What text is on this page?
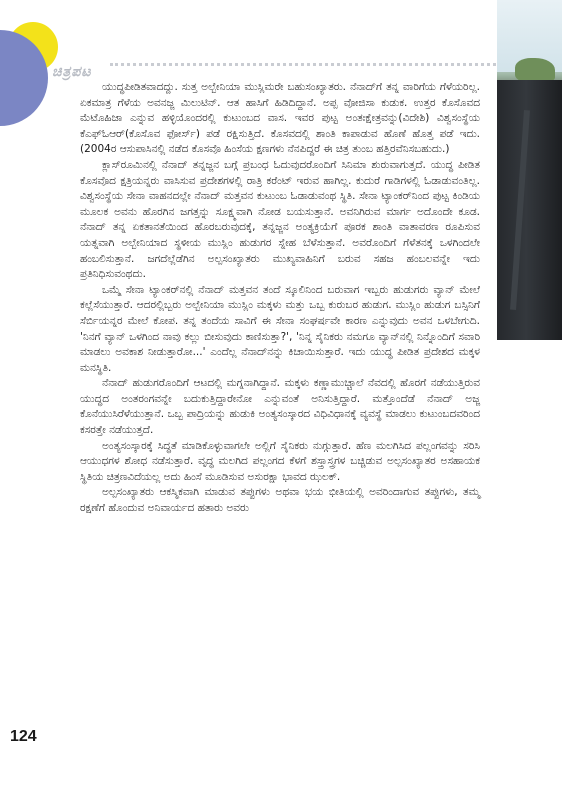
ಚಿತ್ರಪಟ

ಯುದ್ಧಪೀಡಿತವಾದದ್ದು. ಸುತ್ತ ಅಲ್ಬೇನಿಯಾ ಮುಸ್ಲಿಮರೇ ಬಹುಸಂಖ್ಯಾತರು. ನೆನಾದ್‌ಗೆ ತನ್ನ ವಾರಿಗೆಯ ಗೆಳೆಯರಿಲ್ಲ. ಏಕಮಾತ್ರ ಗೆಳೆಯ ಅವನಜ್ಜ ಮಿಲುಟಿನ್. ಆತ ಹಾಸಿಗೆ ಹಿಡಿದಿದ್ದಾನೆ. ಅಪ್ಪ ವೋಜಿಸಾ ಕುಡುಕ. ಉತ್ತರ ಕೊಸೊವದ ಮೆಟೊಹಿಜಾ ಎನ್ನುವ ಹಳ್ಳಿಯೊಂದರಲ್ಲಿ ಕುಟುಂಬದ ವಾಸ. ಇವರ ಪುಟ್ಟ ಅಂತಃಕ್ಷೇತ್ರವನ್ನು(ವಿದೇಶಿ) ವಿಶ್ವಸಂಸ್ಥೆಯ ಕೆಎಫ್‌ಓಆರ್(ಕೊಸೊವ ಫೋರ್ಸ್) ಪಡೆ ರಕ್ಷಿಸುತ್ತಿದೆ. ಕೊಸವದಲ್ಲಿ ಶಾಂತಿ ಕಾಪಾಡುವ ಹೊಣೆ ಹೊತ್ತ ಪಡೆ ಇದು. (2004ರ ಆಸುಪಾಸಿನಲ್ಲಿ ನಡೆದ ಕೊಸವೊ ಹಿಂಸೆಯ ಕ್ಷಣಗಳು ನೆನಪಿದ್ದರೆ ಈ ಚಿತ್ರ ತುಂಬ ಹತ್ತಿರವೆನಿಸಬಹುದು.)

ಕ್ಲಾಸ್‌ರೂಮಿನಲ್ಲಿ ನೆನಾದ್ ತನ್ನಜ್ಜನ ಬಗ್ಗೆ ಪ್ರಬಂಧ ಓದುವುದರೊಂದಿಗೆ ಸಿನಿಮಾ ಶುರುವಾಗುತ್ತದೆ. ಯುದ್ಧ ಪೀಡಿತ ಕೊಸವೊದ ಕ್ಷತ್ರಿಯನ್ನರು ವಾಸಿಸುವ ಪ್ರದೇಶಗಳಲ್ಲಿ ರಾತ್ರಿ ಕರೆಂಟ್ ಇರುವ ಹಾಗಿಲ್ಲ. ಕುದುರೆ ಗಾಡಿಗಳಲ್ಲಿ ಓಡಾಡುವಂತಿಲ್ಲ. ವಿಶ್ವಸಂಸ್ಥೆಯ ಸೇನಾ ವಾಹನದಲ್ಲೇ ನೆನಾದ್ ಮತ್ತವನ ಕುಟುಂಬ ಓಡಾಡುವಂಥ ಸ್ಥಿತಿ. ಸೇನಾ ಟ್ಯಾಂಕರ್‌ನಿಂದ ಪುಟ್ಟ ಕಿಂಡಿಯ ಮೂಲಕ ಅವನು ಹೊರಗಿನ ಜಗತ್ತನ್ನು ಸೂಕ್ಷ್ಮವಾಗಿ ನೋಡ ಬಯಸುತ್ತಾನೆ. ಅವನಿಗಿರುವ ಮಾರ್ಗ ಅದೊಂದೇ ಕೂಡ. ನೆನಾದ್ ತನ್ನ ಏಕತಾನತೆಯಿಂದ ಹೊರಬರುವುದಕ್ಕೆ, ತನ್ನಜ್ಜನ ಅಂತ್ಯಕ್ರಿಯೆಗೆ ಪೂರಕ ಶಾಂತಿ ವಾತಾವರಣ ರೂಪಿಸುವ ಯತ್ನವಾಗಿ ಅಲ್ಬೇನಿಯಾದ ಸ್ಥಳೀಯ ಮುಸ್ಲಿಂ ಹುಡುಗರ ಸ್ನೇಹ ಬೆಳೆಸುತ್ತಾನೆ. ಅವರೊಂದಿಗೆ ಗೆಳೆತನಕ್ಕೆ ಒಳಗಿಂದಲೇ ಹಂಬಲಿಸುತ್ತಾನೆ. ಜಗದೆಲ್ಲೆಡೆಗಿನ ಅಲ್ಪಸಂಖ್ಯಾತರು ಮುಖ್ಯವಾಹಿನಿಗೆ ಬರುವ ಸಹಜ ಹಂಬಲವನ್ನೇ ಇದು ಪ್ರತಿನಿಧಿಸುವಂಥದು.

ಒಮ್ಮೆ ಸೇನಾ ಟ್ಯಾಂಕರ್‌ನಲ್ಲಿ ನೆನಾದ್ ಮತ್ತವನ ತಂದೆ ಸ್ಕೂಲಿನಿಂದ ಬರುವಾಗ ಇಬ್ಬರು ಹುಡುಗರು ವ್ಯಾನ್ ಮೇಲೆ ಕಲ್ಲೆಸೆಯುತ್ತಾರೆ. ಆದರಲ್ಲಿಬ್ಬರು ಅಲ್ಬೇನಿಯಾ ಮುಸ್ಲಿಂ ಮಕ್ಕಳು ಮತ್ತು ಒಬ್ಬ ಕುರುಬರ ಹುಡುಗ. ಮುಸ್ಲಿಂ ಹುಡುಗ ಬಸ್ಸಿನಿಗೆ ಸೆರ್ಬಿಯನ್ನರ ಮೇಲೆ ಕೋಪ. ತನ್ನ ತಂದೆಯ ಸಾವಿಗೆ ಈ ಸೇನಾ ಸಂಘರ್ಷವೇ ಕಾರಣ ಎನ್ನುವುದು ಅವನ ಒಳಬೇಗುದಿ. 'ನಿನಗೆ ವ್ಯಾನ್ ಒಳಗಿಂದ ನಾವು ಕಲ್ಲು ಬೀಸುವುದು ಕಾಣಿಸುತ್ತಾ?', 'ನಿನ್ನ ಸೈನಿಕರು ನಮಗೂ ವ್ಯಾನ್‌ನಲ್ಲಿ ನಿನ್ನೊಂದಿಗೆ ಸವಾರಿ ಮಾಡಲು ಅವಕಾಶ ನೀಡುತ್ತಾರೋ...' ಎಂದೆಲ್ಲ ನೆನಾದ್‌ನನ್ನು ಕಿಚಾಯಿಸುತ್ತಾರೆ. ಇದು ಯುದ್ಧ ಪೀಡಿತ ಪ್ರದೇಶದ ಮಕ್ಕಳ ಮನಸ್ಥಿತಿ.

ನೆನಾದ್ ಹುಡುಗರೊಂದಿಗೆ ಆಟದಲ್ಲಿ ಮಗ್ನನಾಗಿದ್ದಾನೆ. ಮಕ್ಕಳು ಕಣ್ಣಾಮುಚ್ಚಾಲೆ ನೆವದಲ್ಲಿ ಹೊರಗೆ ನಡೆಯುತ್ತಿರುವ ಯುದ್ಧದ ಅಂತರಂಗವನ್ನೇ ಬದುಕುತ್ತಿದ್ದಾರೇನೋ ಎನ್ನುವಂತೆ ಅನಿಸುತ್ತಿದ್ದಾರೆ. ಮತ್ತೊಂದೆಡೆ ನೆನಾದ್ ಅಜ್ಜ ಕೊನೆಯುಸಿರೆಳೆಯುತ್ತಾನೆ. ಒಬ್ಬ ಪಾದ್ರಿಯನ್ನು ಹುಡುಕಿ ಅಂತ್ಯಸಂಸ್ಕಾರದ ವಿಧಿವಿಧಾನಕ್ಕೆ ವ್ಯವಸ್ಥೆ ಮಾಡಲು ಕುಟುಂಬದವರಿಂದ ಕಸರತ್ತೇ ನಡೆಯುತ್ತದೆ.

ಅಂತ್ಯಸಂಸ್ಕಾರಕ್ಕೆ ಸಿದ್ಧತೆ ಮಾಡಿಕೊಳ್ಳುವಾಗಲೇ ಅಲ್ಲಿಗೆ ಸೈನಿಕರು ನುಗ್ಗುತ್ತಾರೆ. ಹೆಣ ಮಲಗಿಸಿದ ಪಲ್ಲಂಗವನ್ನು ಸರಿಸಿ ಆಯುಧಗಳ ಶೋಧ ನಡೆಸುತ್ತಾರೆ. ವೃದ್ಧ ಮಲಗಿದ ಪಲ್ಲಂಗದ ಕೆಳಗೆ ಶಸ್ತ್ರಾಸ್ತ್ರಗಳ ಬಚ್ಚಿಡುವ ಅಲ್ಪಸಂಖ್ಯಾತರ ಅಸಹಾಯಕ ಸ್ಥಿತಿಯ ಚಿತ್ರಣವಿದೆಯಲ್ಲ ಅದು ಹಿಂಸೆ ಮೂಡಿಸುವ ಅಸುರಕ್ಷಾ ಭಾವದ ಝಲಕ್.

ಅಲ್ಪಸಂಖ್ಯಾತರು ಆಕಸ್ಮಿಕವಾಗಿ ಮಾಡುವ ತಪ್ಪುಗಳು ಅಥವಾ ಭಯ ಭೀತಿಯಲ್ಲಿ ಅವರಿಂದಾಗುವ ತಪ್ಪುಗಳು, ತಮ್ಮ ರಕ್ಷಣೆಗೆ ಹೊಂದುವ ಅನಿವಾರ್ಯದ ಹತಾರು ಅವರು

124
